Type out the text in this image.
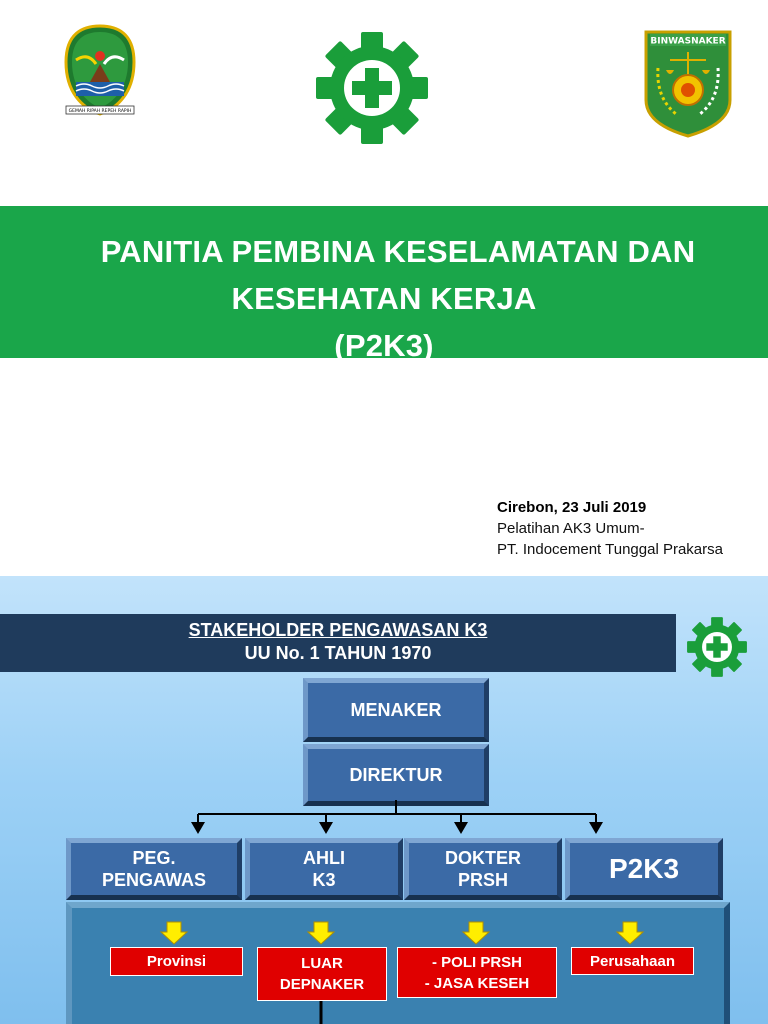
GEMAH RIPAH REPEH RAPIH
BINWASNAKER
PANITIA PEMBINA KESELAMATAN DAN
KESEHATAN KERJA
(P2K3)
Cirebon, 23 Juli 2019
Pelatihan AK3 Umum-
PT. Indocement Tunggal Prakarsa
STAKEHOLDER PENGAWASAN K3
UU No. 1 TAHUN 1970
MENAKER
DIREKTUR
PEG.
PENGAWAS
AHLI
K3
DOKTER
PRSH	P2K3
Provinsi	LUAR
DEPNAKER
- POLI PRSH
- JASA KESEH
Perusahaan
